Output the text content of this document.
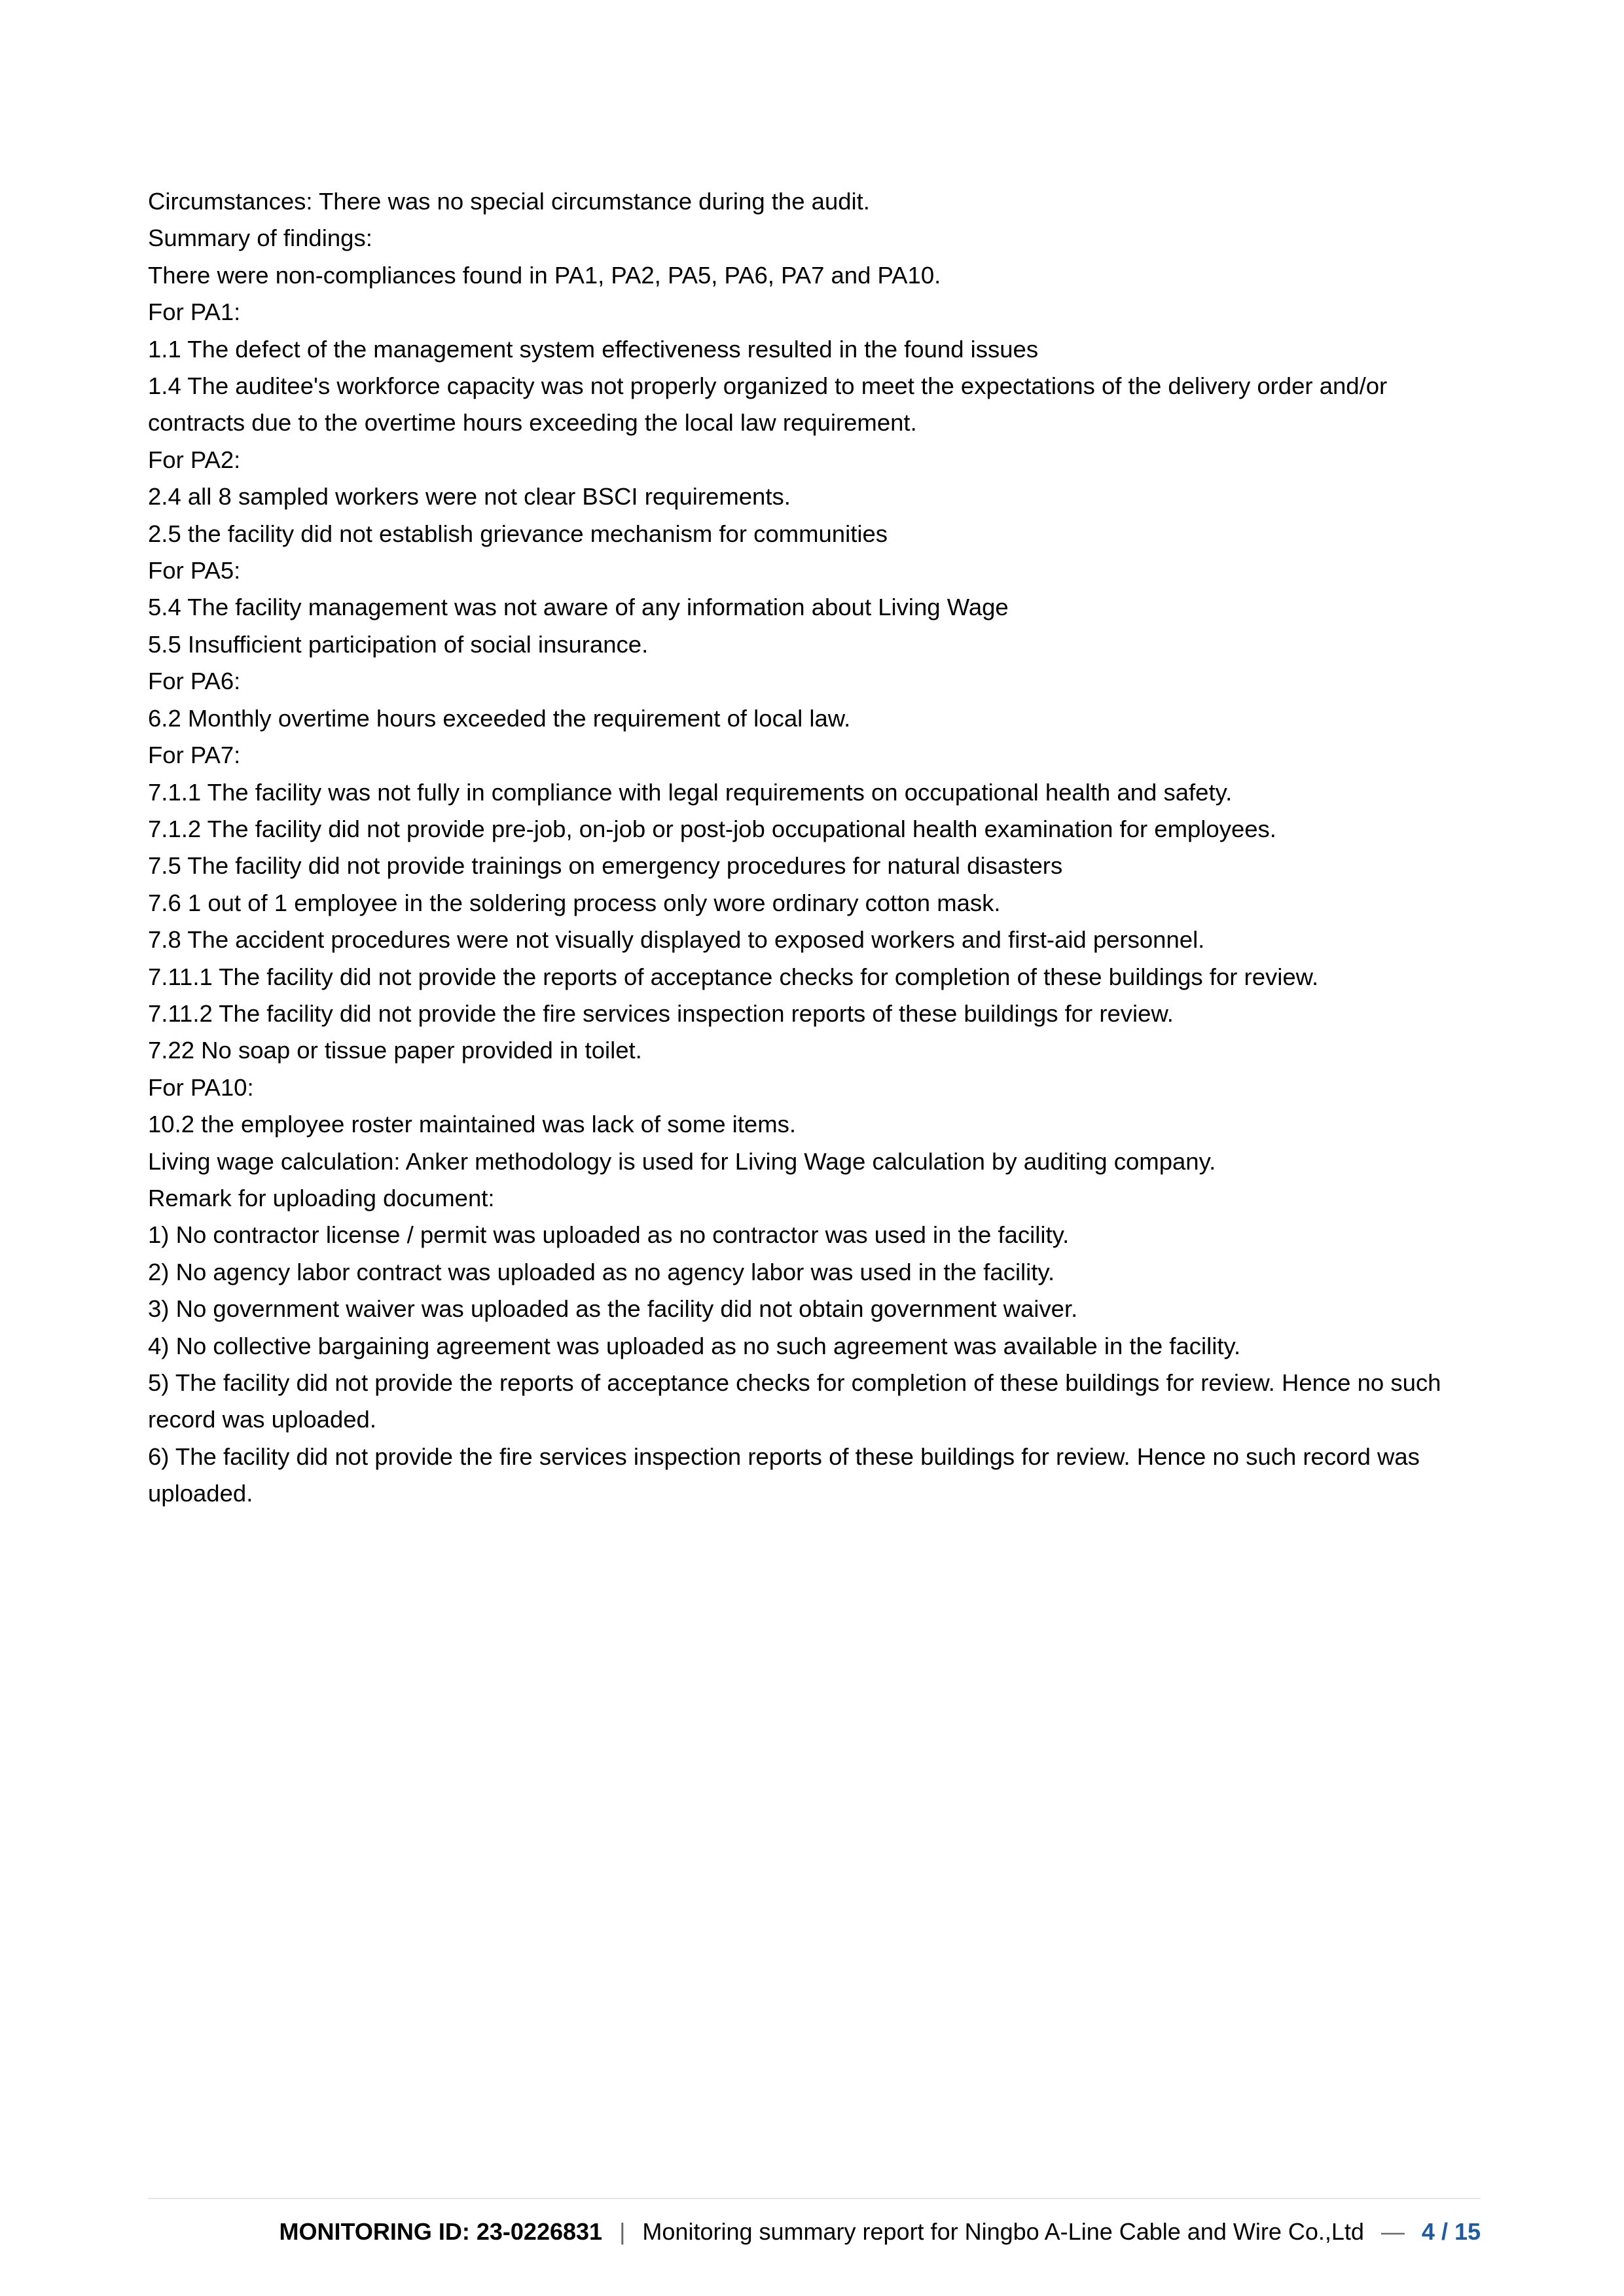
Circumstances: There was no special circumstance during the audit.
Summary of findings:
There were non-compliances found in PA1, PA2, PA5, PA6, PA7 and PA10.
For PA1:
1.1 The defect of the management system effectiveness resulted in the found issues
1.4 The auditee's workforce capacity was not properly organized to meet the expectations of the delivery order and/or contracts due to the overtime hours exceeding the local law requirement.
For PA2:
2.4 all 8 sampled workers were not clear BSCI requirements.
2.5 the facility did not establish grievance mechanism for communities
For PA5:
5.4 The facility management was not aware of any information about Living Wage
5.5 Insufficient participation of social insurance.
For PA6:
6.2 Monthly overtime hours exceeded the requirement of local law.
For PA7:
7.1.1 The facility was not fully in compliance with legal requirements on occupational health and safety.
7.1.2 The facility did not provide pre-job, on-job or post-job occupational health examination for employees.
7.5 The facility did not provide trainings on emergency procedures for natural disasters
7.6 1 out of 1 employee in the soldering process only wore ordinary cotton mask.
7.8 The accident procedures were not visually displayed to exposed workers and first-aid personnel.
7.11.1 The facility did not provide the reports of acceptance checks for completion of these buildings for review.
7.11.2 The facility did not provide the fire services inspection reports of these buildings for review.
7.22 No soap or tissue paper provided in toilet.
For PA10:
10.2 the employee roster maintained was lack of some items.
Living wage calculation: Anker methodology is used for Living Wage calculation by auditing company.
Remark for uploading document:
1) No contractor license / permit was uploaded as no contractor was used in the facility.
2) No agency labor contract was uploaded as no agency labor was used in the facility.
3) No government waiver was uploaded as the facility did not obtain government waiver.
4) No collective bargaining agreement was uploaded as no such agreement was available in the facility.
5) The facility did not provide the reports of acceptance checks for completion of these buildings for review. Hence no such record was uploaded.
6) The facility did not provide the fire services inspection reports of these buildings for review. Hence no such record was uploaded.
MONITORING ID: 23-0226831 | Monitoring summary report for Ningbo A-Line Cable and Wire Co.,Ltd — 4 / 15
